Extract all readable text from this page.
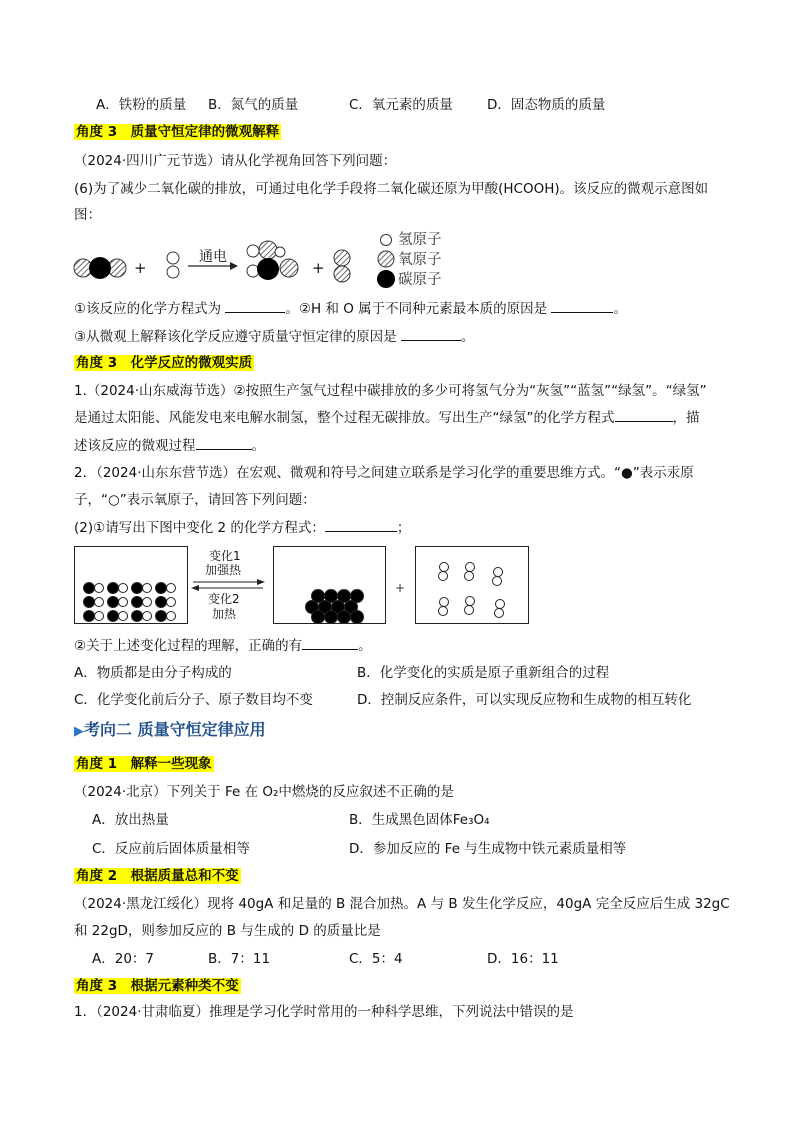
A．铁粉的质量 B．氮气的质量	C．氧元素的质量	D．固态物质的质量
角度 3　质量守恒定律的微观解释
（2024·四川广元节选）请从化学视角回答下列问题：
(6)为了减少二氧化碳的排放，可通过电化学手段将二氧化碳还原为甲酸(HCOOH)。该反应的微观示意图如
图：
+
通电
+
氢原子
氧原子
碳原子
①该反应的化学方程式为	。②H 和 O 属于不同种元素最本质的原因是	。
③从微观上解释该化学反应遵守质量守恒定律的原因是	。
角度 3　化学反应的微观实质
1.（2024·山东威海节选）②按照生产氢气过程中碳排放的多少可将氢气分为“灰氢”“蓝氢”“绿氢”。“绿氢”
是通过太阳能、风能发电来电解水制氢，整个过程无碳排放。写出生产“绿氢”的化学方程式	，描
述该反应的微观过程	。
2．（2024·山东东营节选）在宏观、微观和符号之间建立联系是学习化学的重要思维方式。“●”表示汞原
子，“○”表示氧原子，请回答下列问题：
(2)①请写出下图中变化 2 的化学方程式：	；
变化1
加强热
变化2
加热
+
②关于上述变化过程的理解，正确的有	。
A．物质都是由分子构成的	B．化学变化的实质是原子重新组合的过程
C．化学变化前后分子、原子数目均不变	D．控制反应条件，可以实现反应物和生成物的相互转化
▶考向二 质量守恒定律应用
角度 1　解释一些现象
（2024·北京）下列关于 Fe 在 O₂中燃烧的反应叙述不正确的是
A．放出热量	B．生成黑色固体Fe₃O₄
C．反应前后固体质量相等	D．参加反应的 Fe 与生成物中铁元素质量相等
角度 2　根据质量总和不变
（2024·黑龙江绥化）现将 40gA 和足量的 B 混合加热。A 与 B 发生化学反应，40gA 完全反应后生成 32gC
和 22gD，则参加反应的 B 与生成的 D 的质量比是
A．20：7	B．7：11	C．5：4	D．16：11
角度 3　根据元素种类不变
1．（2024·甘肃临夏）推理是学习化学时常用的一种科学思维，下列说法中错误的是
